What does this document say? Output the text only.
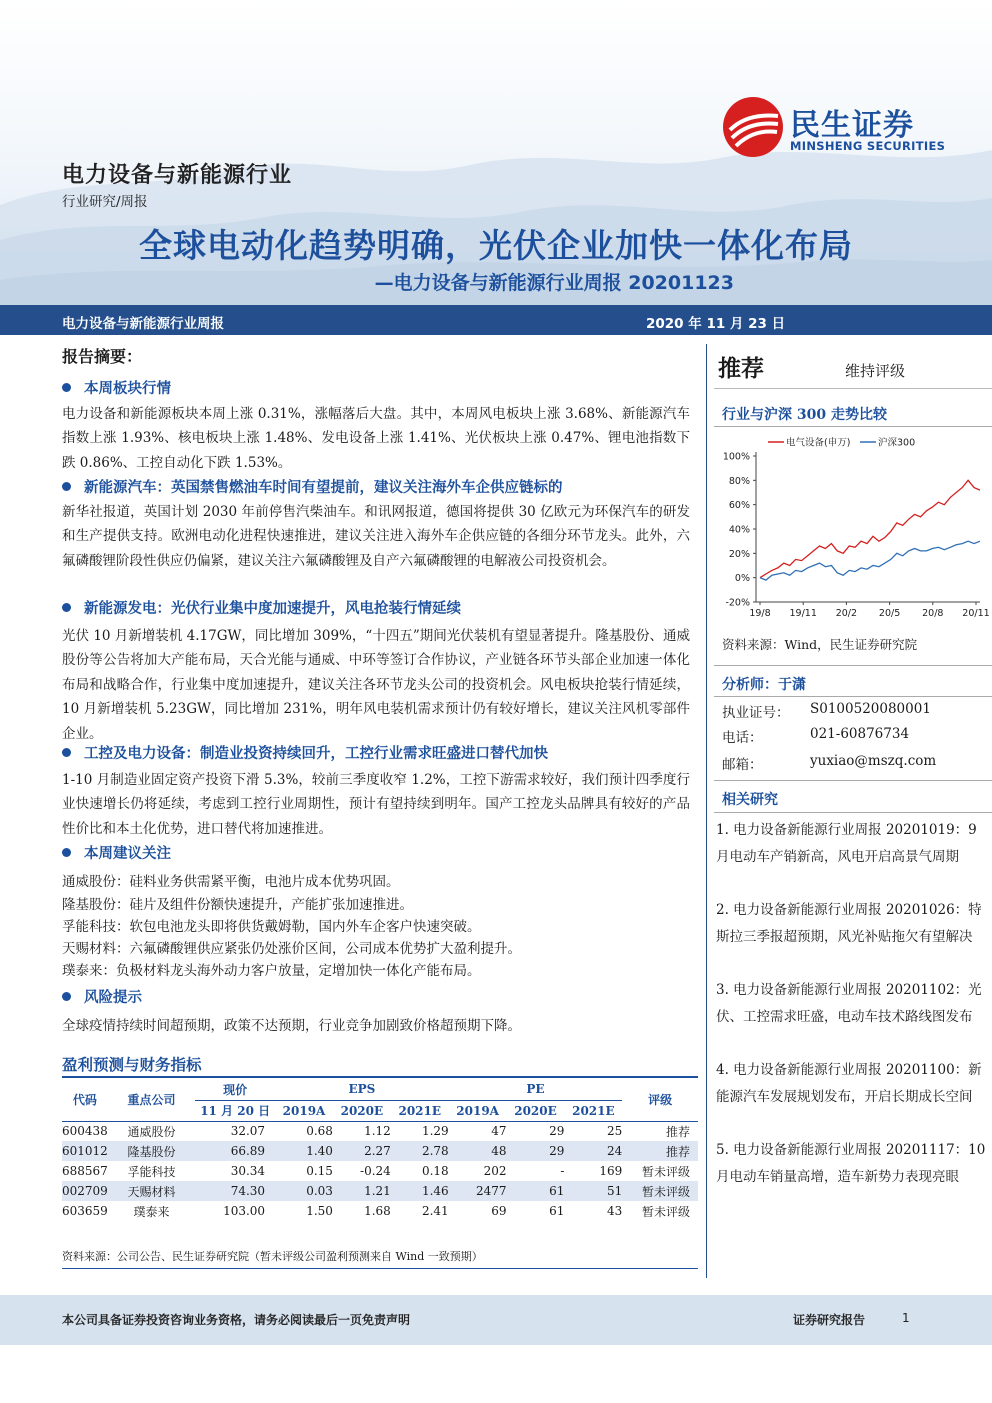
民生证券
MINSHENG SECURITIES
电力设备与新能源行业
行业研究/周报
全球电动化趋势明确，光伏企业加快一体化布局
—电力设备与新能源行业周报 20201123
电力设备与新能源行业周报	2020 年 11 月 23 日
报告摘要：
本周板块行情
电力设备和新能源板块本周上涨 0.31%，涨幅落后大盘。其中，本周风电板块上涨 3.68%、新能源汽车指数上涨 1.93%、核电板块上涨 1.48%、发电设备上涨 1.41%、光伏板块上涨 0.47%、锂电池指数下跌 0.86%、工控自动化下跌 1.53%。
新能源汽车：英国禁售燃油车时间有望提前，建议关注海外车企供应链标的
新华社报道，英国计划 2030 年前停售汽柴油车。和讯网报道，德国将提供 30 亿欧元为环保汽车的研发和生产提供支持。欧洲电动化进程快速推进，建议关注进入海外车企供应链的各细分环节龙头。此外，六氟磷酸锂阶段性供应仍偏紧，建议关注六氟磷酸锂及自产六氟磷酸锂的电解液公司投资机会。
新能源发电：光伏行业集中度加速提升，风电抢装行情延续
光伏 10 月新增装机 4.17GW，同比增加 309%，“十四五”期间光伏装机有望显著提升。隆基股份、通威股份等公告将加大产能布局，天合光能与通威、中环等签订合作协议，产业链各环节头部企业加速一体化布局和战略合作，行业集中度加速提升，建议关注各环节龙头公司的投资机会。风电板块抢装行情延续，10 月新增装机 5.23GW，同比增加 231%，明年风电装机需求预计仍有较好增长，建议关注风机零部件企业。
工控及电力设备：制造业投资持续回升，工控行业需求旺盛进口替代加快
1-10 月制造业固定资产投资下滑 5.3%，较前三季度收窄 1.2%，工控下游需求较好，我们预计四季度行业快速增长仍将延续，考虑到工控行业周期性，预计有望持续到明年。国产工控龙头品牌具有较好的产品性价比和本土化优势，进口替代将加速推进。
本周建议关注
通威股份：硅料业务供需紧平衡，电池片成本优势巩固。
隆基股份：硅片及组件份额快速提升，产能扩张加速推进。
孚能科技：软包电池龙头即将供货戴姆勒，国内外车企客户快速突破。
天赐材料：六氟磷酸锂供应紧张仍处涨价区间，公司成本优势扩大盈利提升。
璞泰来：负极材料龙头海外动力客户放量，定增加快一体化产能布局。
风险提示
全球疫情持续时间超预期，政策不达预期，行业竞争加剧致价格超预期下降。
盈利预测与财务指标
代码	重点公司	现价	EPS			PE			评级
		11 月 20 日	2019A	2020E	2021E	2019A	2020E	2021E	
600438	通威股份	32.07	0.68	1.12	1.29	47	29	25	推荐
601012	隆基股份	66.89	1.40	2.27	2.78	48	29	24	推荐
688567	孚能科技	30.34	0.15	-0.24	0.18	202	-	169	暂未评级
002709	天赐材料	74.30	0.03	1.21	1.46	2477	61	51	暂未评级
603659	璞泰来	103.00	1.50	1.68	2.41	69	61	43	暂未评级
资料来源：公司公告、民生证券研究院（暂未评级公司盈利预测来自 Wind 一致预期）
推荐	维持评级
行业与沪深 300 走势比较
100%
80%
60%
40%
20%
0%
-20%
19/8 19/11 20/2 20/5 20/8 20/11
电气设备(申万)	沪深300
资料来源：Wind，民生证券研究院
分析师：于潇
执业证号： S0100520080001
电话：	021-60876734
邮箱：	yuxiao@mszq.com
相关研究
1. 电力设备新能源行业周报 20201019：9 月电动车产销新高，风电开启高景气周期
2. 电力设备新能源行业周报 20201026：特斯拉三季报超预期，风光补贴拖欠有望解决
3. 电力设备新能源行业周报 20201102：光伏、工控需求旺盛，电动车技术路线图发布
4. 电力设备新能源行业周报 20201100：新能源汽车发展规划发布，开启长期成长空间
5. 电力设备新能源行业周报 20201117：10月电动车销量高增，造车新势力表现亮眼
本公司具备证券投资咨询业务资格，请务必阅读最后一页免责声明	证券研究报告	1
